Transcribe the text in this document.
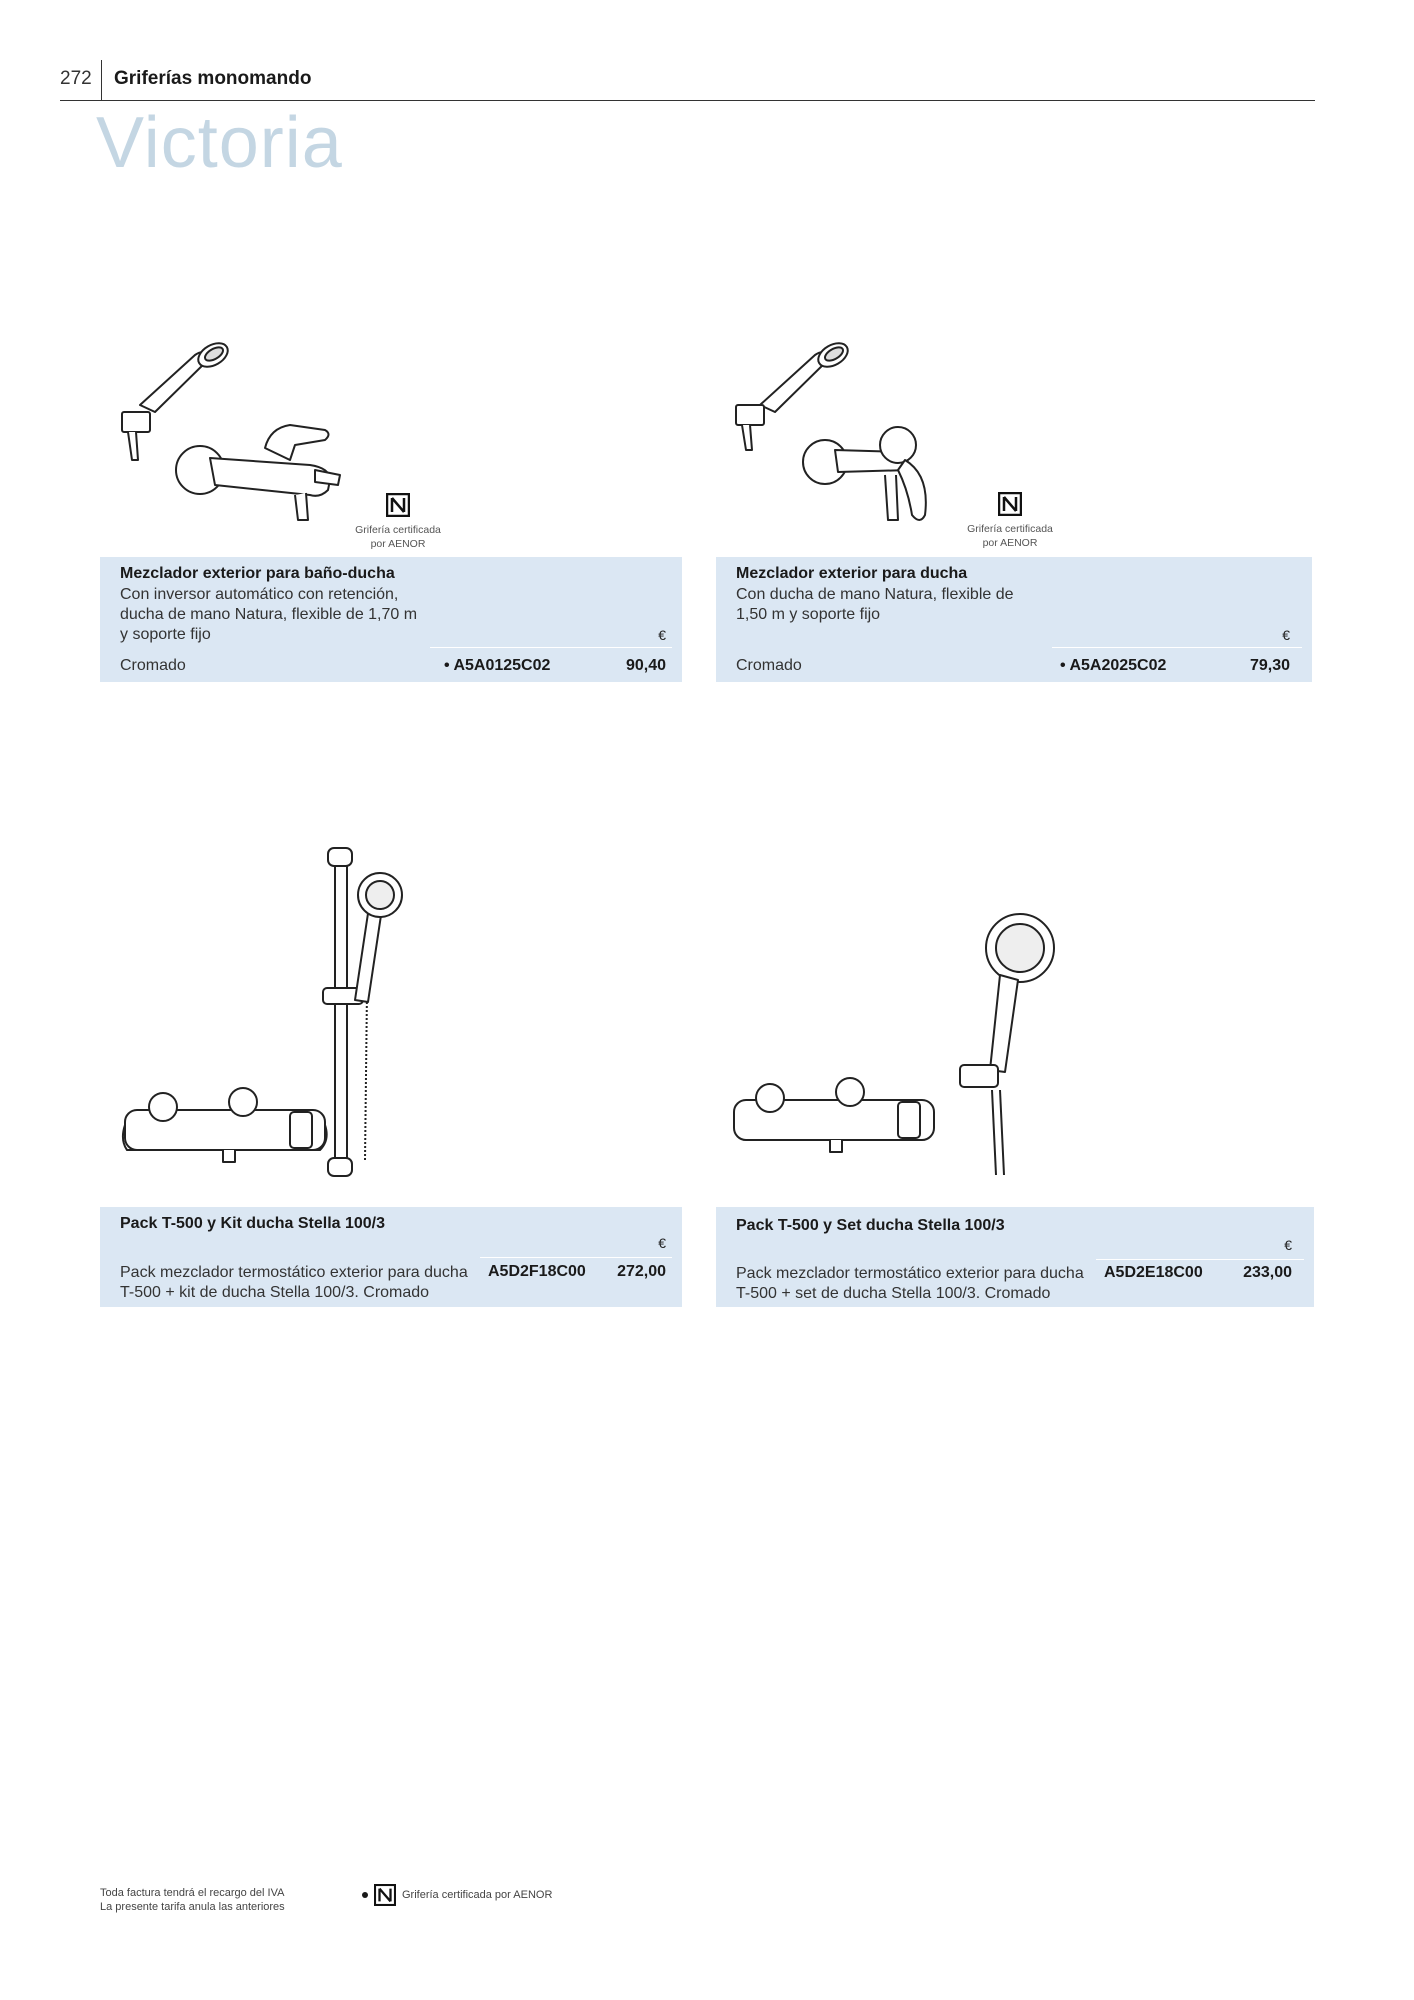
272 Griferías monomando
Victoria
Grifería certificada
por AENOR
Grifería certificada
por AENOR
Mezclador exterior para baño-ducha
Con inversor automático con retención,
ducha de mano Natura, flexible de 1,70 m
y soporte fijo	€
Cromado	• A5A0125C02	90,40
Mezclador exterior para ducha
Con ducha de mano Natura, flexible de
1,50 m y soporte fijo
€
Cromado	• A5A2025C02	79,30
Pack T-500 y Kit ducha Stella 100/3
€
Pack mezclador termostático exterior para ducha
T-500 + kit de ducha Stella 100/3. Cromado
A5D2F18C00 272,00
Pack T-500 y Set ducha Stella 100/3
€
Pack mezclador termostático exterior para ducha
T-500 + set de ducha Stella 100/3. Cromado
A5D2E18C00	233,00
Toda factura tendrá el recargo del IVA
La presente tarifa anula las anteriores
Grifería certificada por AENOR
